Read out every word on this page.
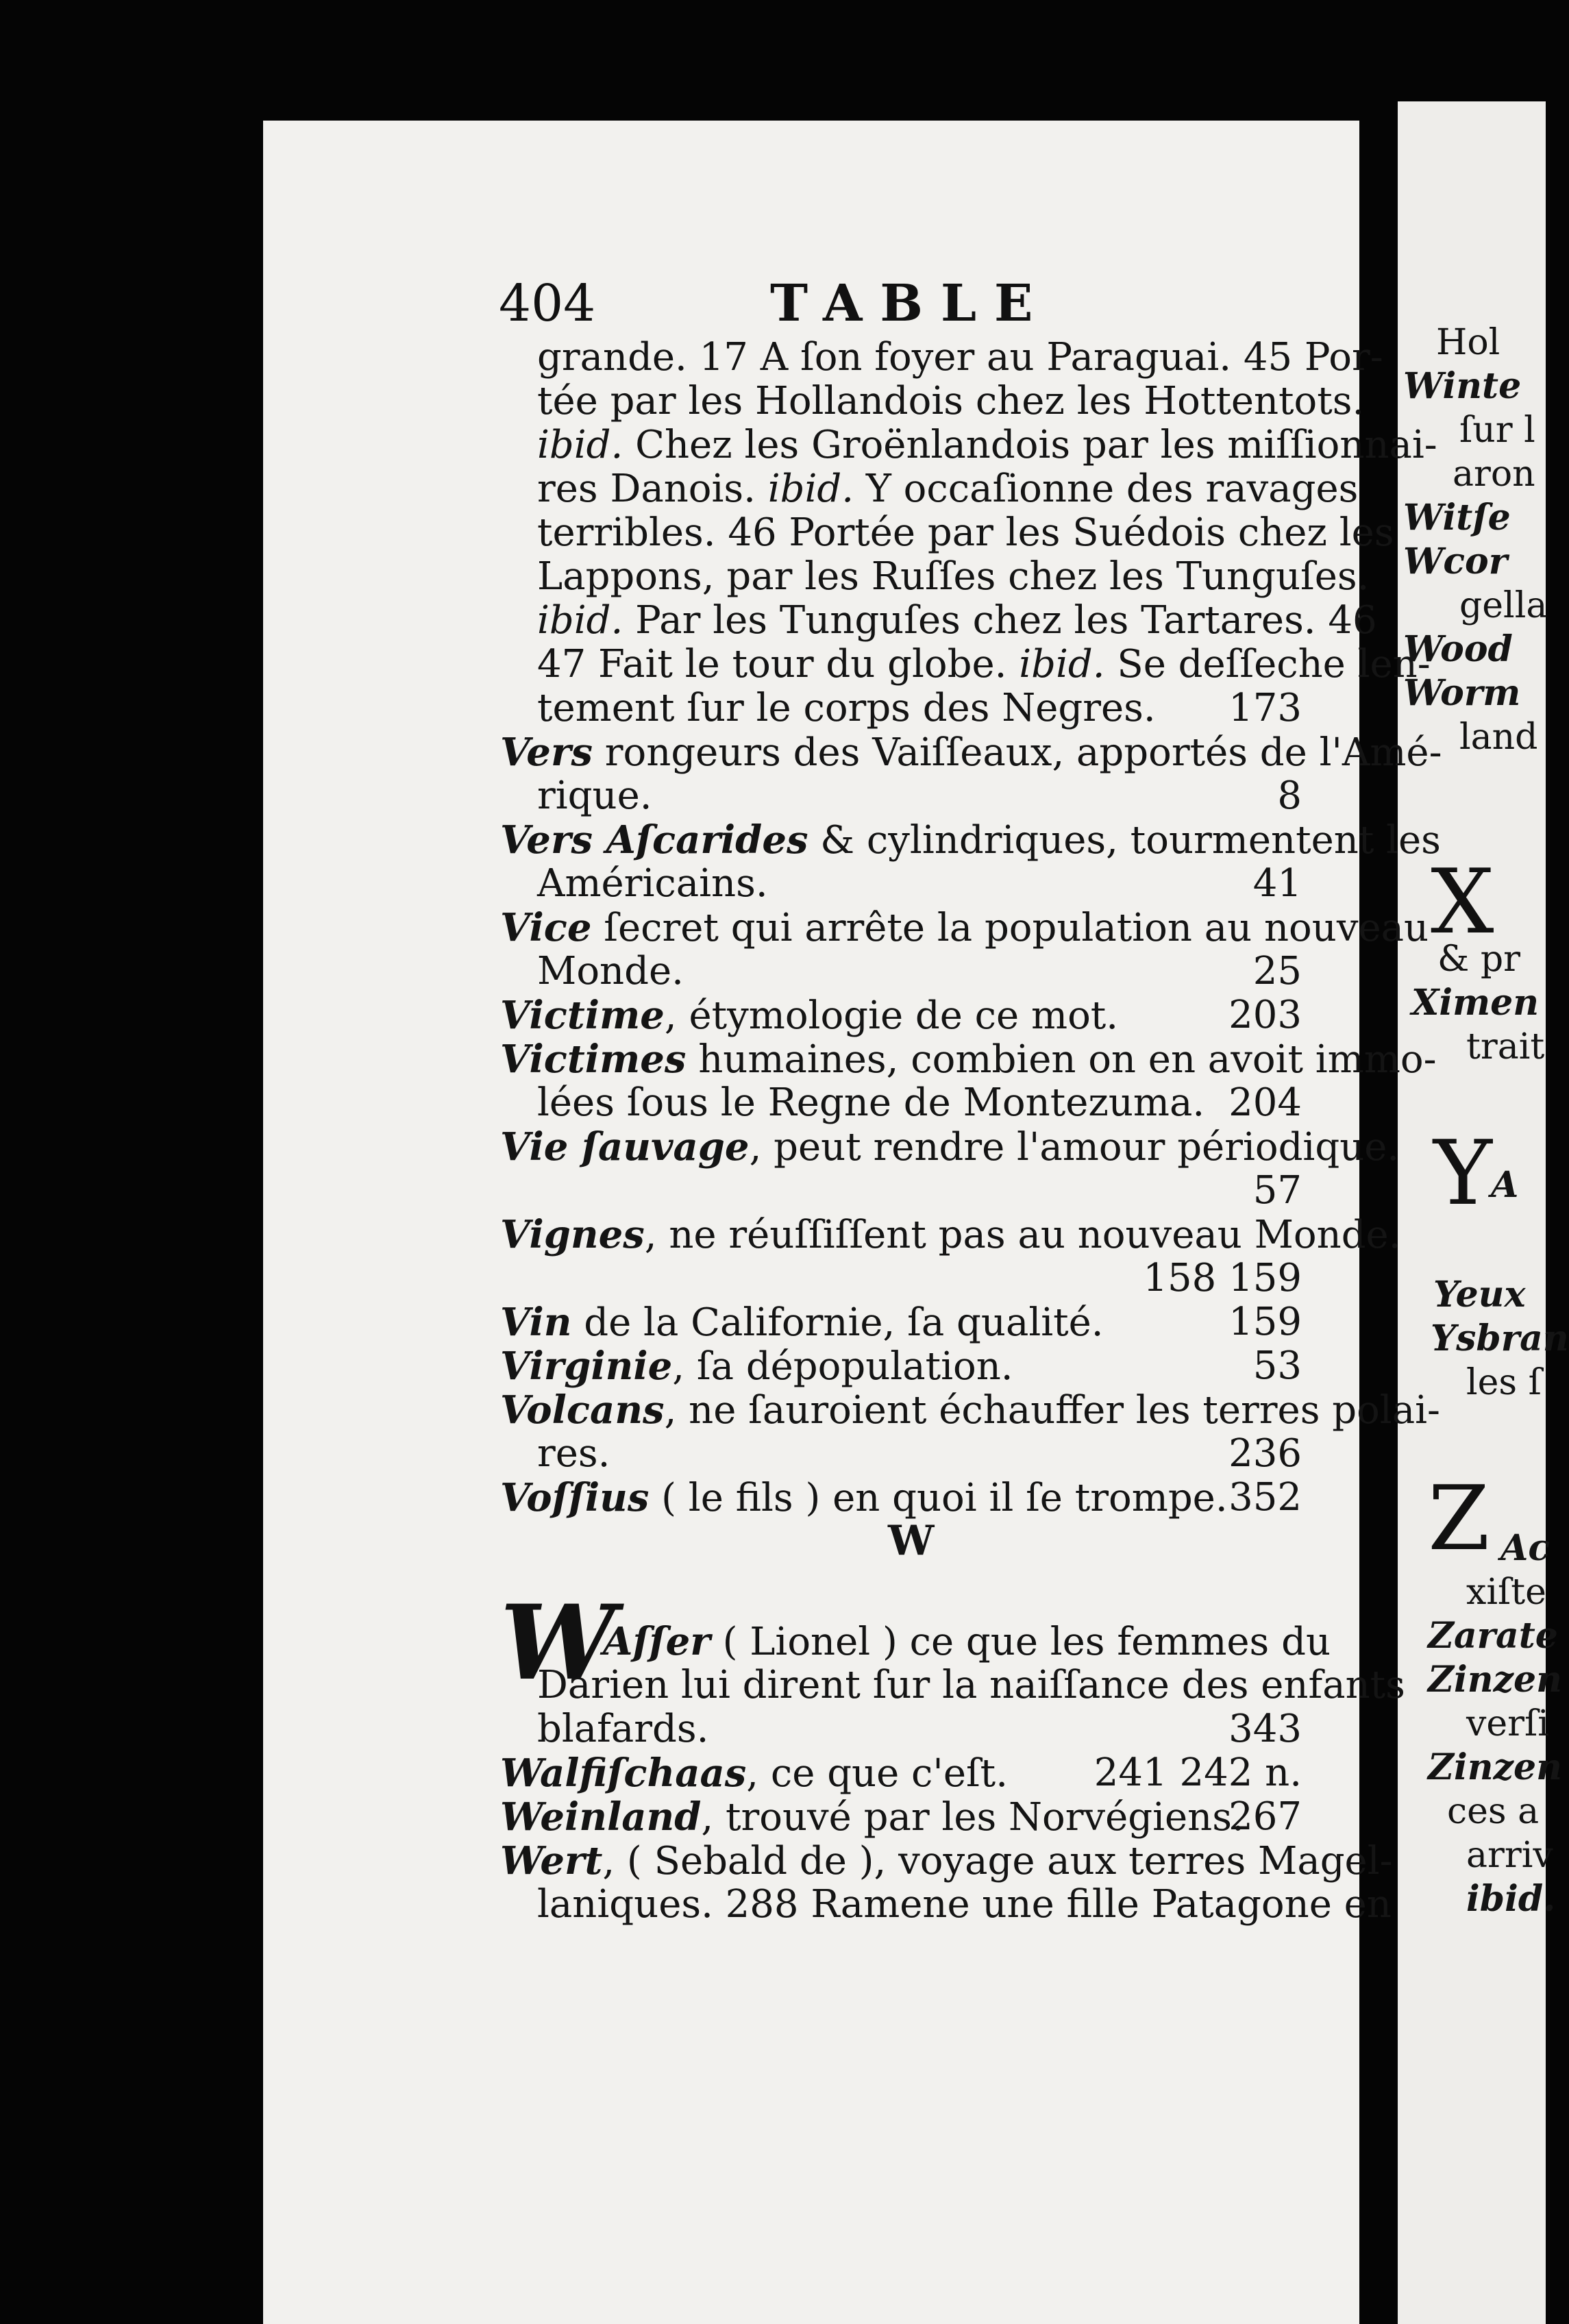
404	TABLE
grande. 17 A ſon foyer au Paraguai. 45 Por-
tée par les Hollandois chez les Hottentots.
ibid. Chez les Groënlandois par les miſſionnai-
res Danois. ibid. Y occaſionne des ravages
terribles. 46 Portée par les Suédois chez les
Lappons, par les Ruſſes chez les Tunguſes.
ibid. Par les Tunguſes chez les Tartares. 46
47 Fait le tour du globe. ibid. Se deſſeche len-
tement ſur le corps des Negres. 173
Vers rongeurs des Vaiſſeaux, apportés de l'Amé-
rique.	8
Vers Aſcarides & cylindriques, tourmentent les
Américains.	41
Vice ſecret qui arrête la population au nouveau
Monde.	25
Victime, étymologie de ce mot.	203
Victimes humaines, combien on en avoit immo-
lées ſous le Regne de Montezuma. 204
Vie ſauvage, peut rendre l'amour périodique.
57
Vignes, ne réuſſiſſent pas au nouveau Monde.
158 159
Vin de la Californie, ſa qualité.	159
Virginie, ſa dépopulation.	53
Volcans, ne ſauroient échauffer les terres polai-
res.	236
Voſſius ( le fils ) en quoi il ſe trompe. 352
W
W
Aſſer ( Lionel ) ce que les femmes du
Darien lui dirent ſur la naiſſance des enfants
blafards.	343
Walfiſchaas, ce que c'eſt. 241 242 n.
Weinland, trouvé par les Norvégiens.
267
Wert, ( Sebald de ), voyage aux terres Magel-
laniques. 288 Ramene une fille Patagone en
Hol
Winte
ſur l
aron
Witſe
Wcor
gella
Wood
Worm
land
& pr
Ximen
trait
A
Yeux
Ysbran
les ſ
Ac
xiſte
Zarate
Zinzen
verſi
Zinzen
ces a
arriv
ibid.
X
Y
Z
